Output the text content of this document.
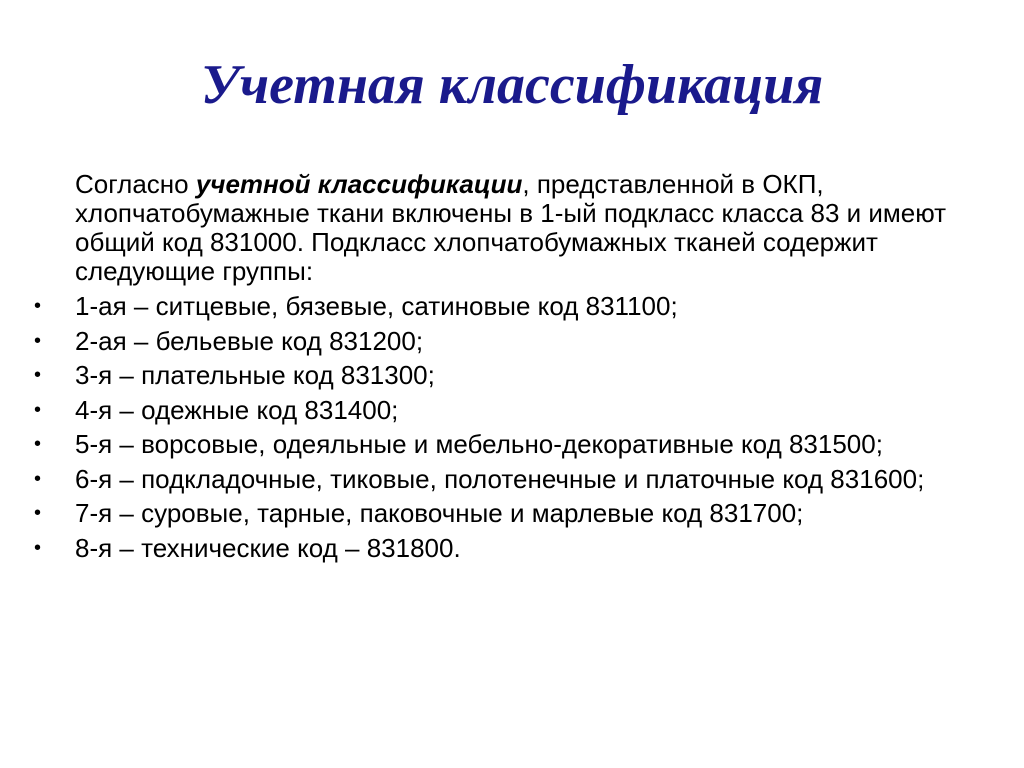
Учетная классификация

Согласно учетной классификации, представленной в ОКП, хлопчатобумажные ткани включены в 1-ый подкласс класса 83 и имеют общий код 831000. Подкласс хлопчатобумажных тканей содержит следующие группы:

•	1-ая – ситцевые, бязевые, сатиновые код 831100;
•	2-ая – бельевые код 831200;
•	3-я – плательные код 831300;
•	4-я – одежные код 831400;
•	5-я – ворсовые, одеяльные и мебельно-декоративные код 831500;
•	6-я – подкладочные, тиковые, полотенечные и платочные код 831600;
•	7-я – суровые, тарные, паковочные и марлевые код 831700;
•	8-я – технические код – 831800.
